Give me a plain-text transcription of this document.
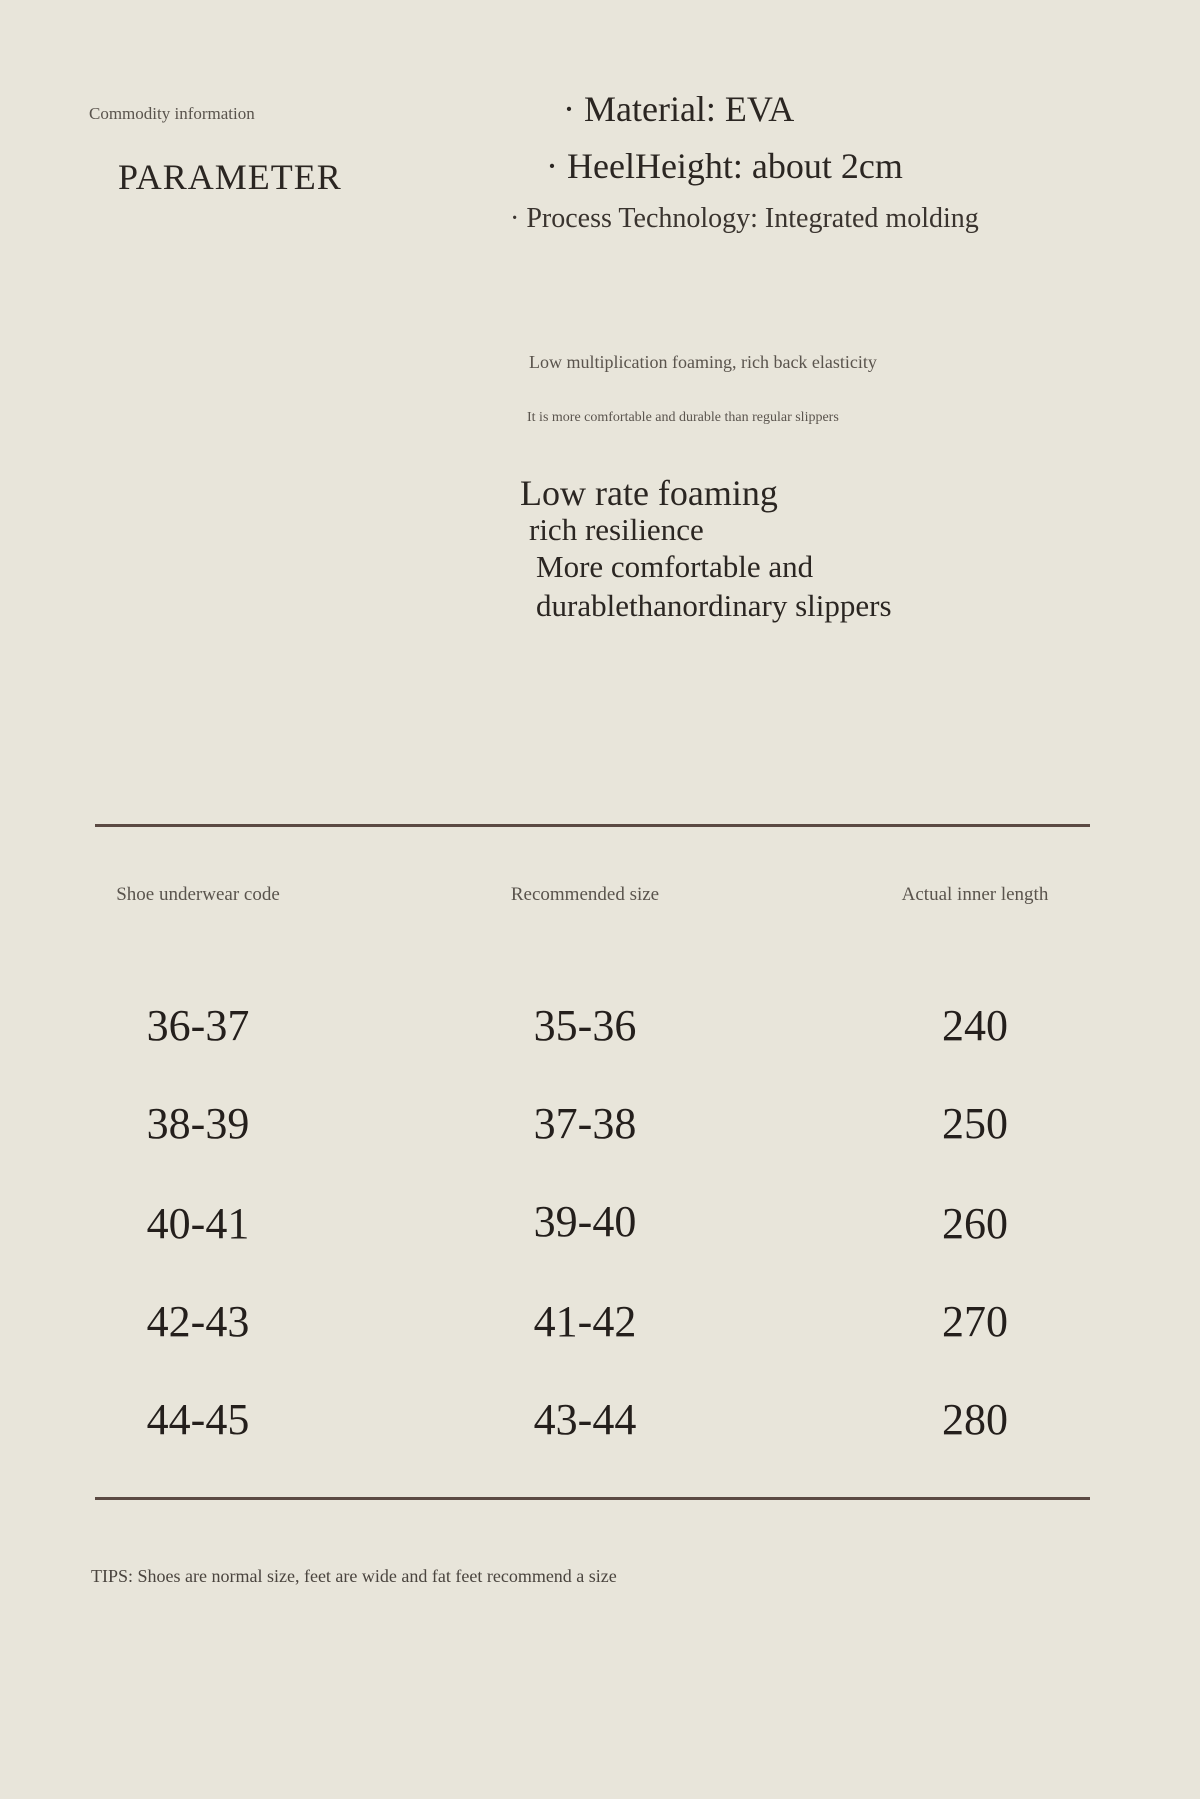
Commodity information
PARAMETER
· Material: EVA
· HeelHeight: about 2cm
· Process Technology: Integrated molding
Low multiplication foaming, rich back elasticity
It is more comfortable and durable than regular slippers
Low rate foaming
rich resilience
More comfortable and
durablethanordinary slippers
Shoe underwear code	Recommended size	Actual inner length
36-37	35-36	240
38-39	37-38	250
40-41	39-40	260
42-43	41-42	270
44-45	43-44	280
TIPS: Shoes are normal size, feet are wide and fat feet recommend a size
